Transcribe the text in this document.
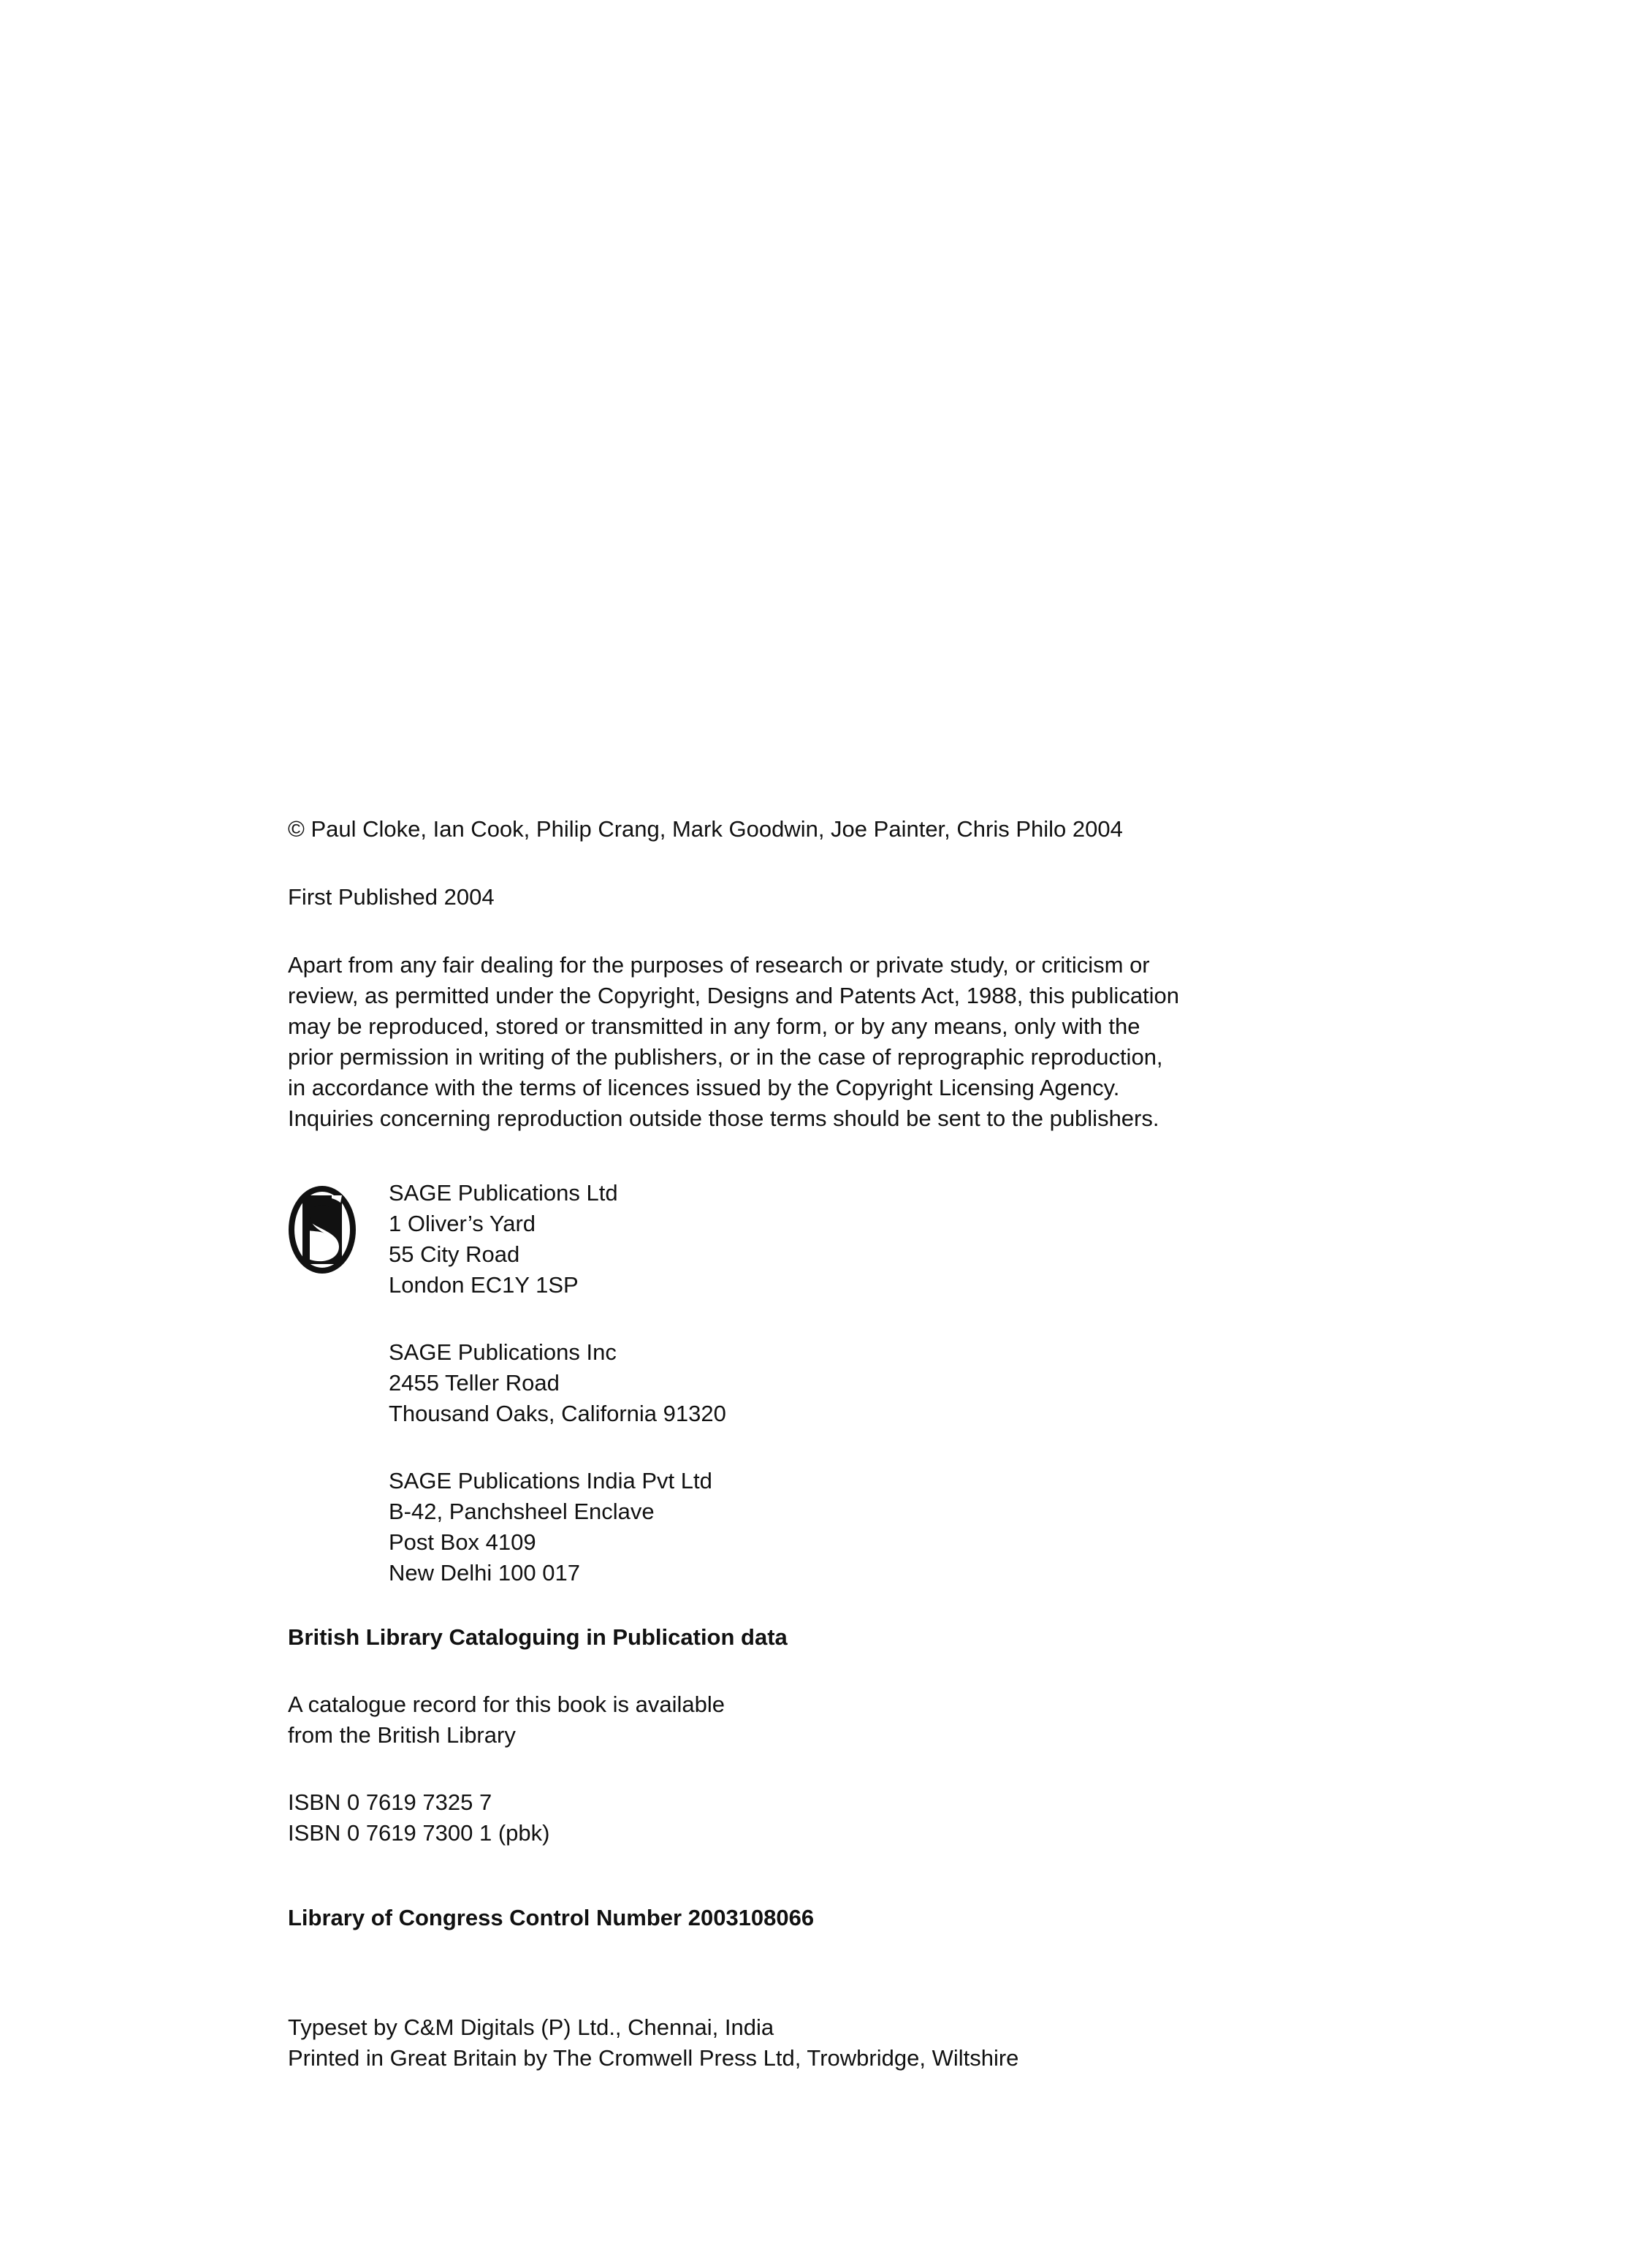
© Paul Cloke, Ian Cook, Philip Crang, Mark Goodwin, Joe Painter, Chris Philo 2004

First Published 2004

Apart from any fair dealing for the purposes of research or private study, or criticism or
review, as permitted under the Copyright, Designs and Patents Act, 1988, this publication
may be reproduced, stored or transmitted in any form, or by any means, only with the
prior permission in writing of the publishers, or in the case of reprographic reproduction,
in accordance with the terms of licences issued by the Copyright Licensing Agency.
Inquiries concerning reproduction outside those terms should be sent to the publishers.
SAGE Publications Ltd
1 Oliver’s Yard
55 City Road
London EC1Y 1SP
SAGE Publications Inc
2455 Teller Road
Thousand Oaks, California 91320
SAGE Publications India Pvt Ltd
B-42, Panchsheel Enclave
Post Box 4109
New Delhi 100 017

British Library Cataloguing in Publication data

A catalogue record for this book is available
from the British Library
ISBN 0 7619 7325 7
ISBN 0 7619 7300 1 (pbk)

Library of Congress Control Number 2003108066

Typeset by C&M Digitals (P) Ltd., Chennai, India
Printed in Great Britain by The Cromwell Press Ltd, Trowbridge, Wiltshire
